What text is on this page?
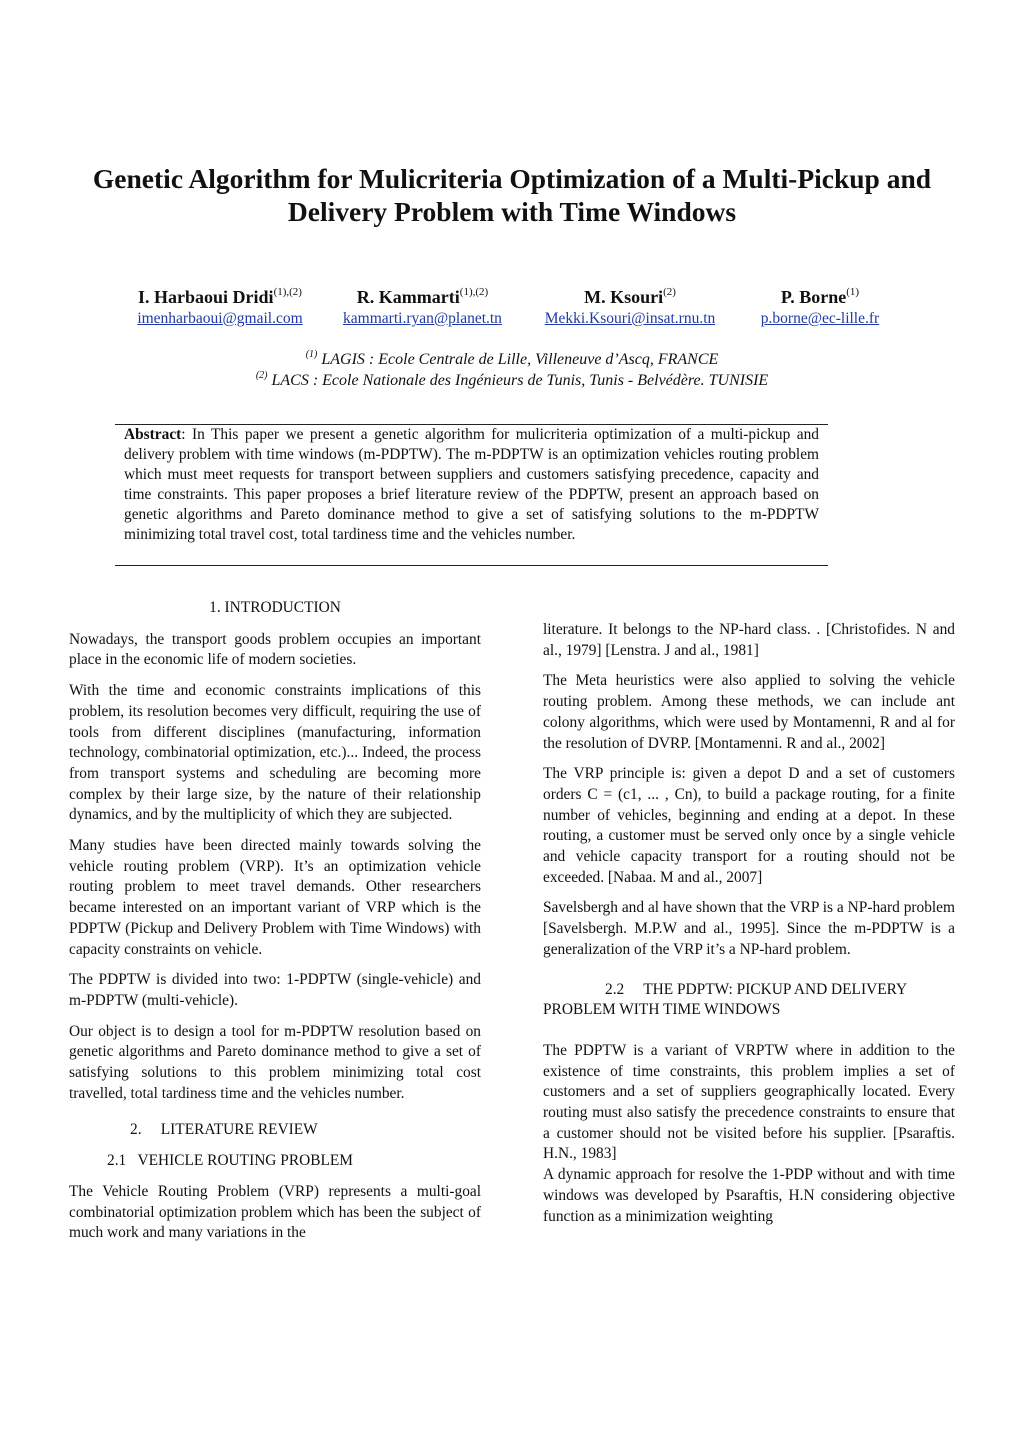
Genetic Algorithm for Mulicriteria Optimization of a Multi-Pickup and
Delivery Problem with Time Windows
I. Harbaoui Dridi$^{(1),(2)}$
imenharbaoui@gmail.com
R. Kammarti$^{(1),(2)}$
kammarti.ryan@planet.tn
M. Ksouri$^{(2)}$
Mekki.Ksouri@insat.rnu.tn
P. Borne$^{(1)}$
p.borne@ec-lille.fr
$^{(1)}$ LAGIS : Ecole Centrale de Lille, Villeneuve d’Ascq, FRANCE
$^{(2)}$ LACS : Ecole Nationale des Ingénieurs de Tunis, Tunis - Belvédère. TUNISIE
Abstract: In This paper we present a genetic algorithm for mulicriteria optimization of a multi-pickup and delivery problem with time windows (m-PDPTW). The m-PDPTW is an optimization vehicles routing problem which must meet requests for transport between suppliers and customers satisfying precedence, capacity and time constraints. This paper proposes a brief literature review of the PDPTW, present an approach based on genetic algorithms and Pareto dominance method to give a set of satisfying solutions to the m-PDPTW minimizing total travel cost, total tardiness time and the vehicles number.
1. INTRODUCTION

Nowadays, the transport goods problem occupies an important place in the economic life of modern societies.

With the time and economic constraints implications of this problem, its resolution becomes very difficult, requiring the use of tools from different disciplines (manufacturing, information technology, combinatorial optimization, etc.)... Indeed, the process from transport systems and scheduling are becoming more complex by their large size, by the nature of their relationship dynamics, and by the multiplicity of which they are subjected.

Many studies have been directed mainly towards solving the vehicle routing problem (VRP). It’s an optimization vehicle routing problem to meet travel demands. Other researchers became interested on an important variant of VRP which is the PDPTW (Pickup and Delivery Problem with Time Windows) with capacity constraints on vehicle.

The PDPTW is divided into two: 1-PDPTW (single-vehicle) and m-PDPTW (multi-vehicle).

Our object is to design a tool for m-PDPTW resolution based on genetic algorithms and Pareto dominance method to give a set of satisfying solutions to this problem minimizing total cost travelled, total tardiness time and the vehicles number.

2.     LITERATURE REVIEW
2.1   VEHICLE ROUTING PROBLEM

The Vehicle Routing Problem (VRP) represents a multi-goal combinatorial optimization problem which has been the subject of much work and many variations in the

literature. It belongs to the NP-hard class. . [Christofides. N and al., 1979] [Lenstra. J and al., 1981]

The Meta heuristics were also applied to solving the vehicle routing problem. Among these methods, we can include ant colony algorithms, which were used by Montamenni, R and al for the resolution of DVRP. [Montamenni. R and al., 2002]

The VRP principle is: given a depot D and a set of customers orders C = (c1, ... , Cn), to build a package routing, for a finite number of vehicles, beginning and ending at a depot. In these routing, a customer must be served only once by a single vehicle and vehicle capacity transport for a routing should not be exceeded. [Nabaa. M and al., 2007]

Savelsbergh and al have shown that the VRP is a NP-hard problem [Savelsbergh. M.P.W and al., 1995]. Since the m-PDPTW is a generalization of the VRP it’s a NP-hard problem.

2.2     THE PDPTW: PICKUP AND DELIVERY
PROBLEM WITH TIME WINDOWS

The PDPTW is a variant of VRPTW where in addition to the existence of time constraints, this problem implies a set of customers and a set of suppliers geographically located. Every routing must also satisfy the precedence constraints to ensure that a customer should not be visited before his supplier. [Psaraftis. H.N., 1983]

A dynamic approach for resolve the 1-PDP without and with time windows was developed by Psaraftis, H.N considering objective function as a minimization weighting
